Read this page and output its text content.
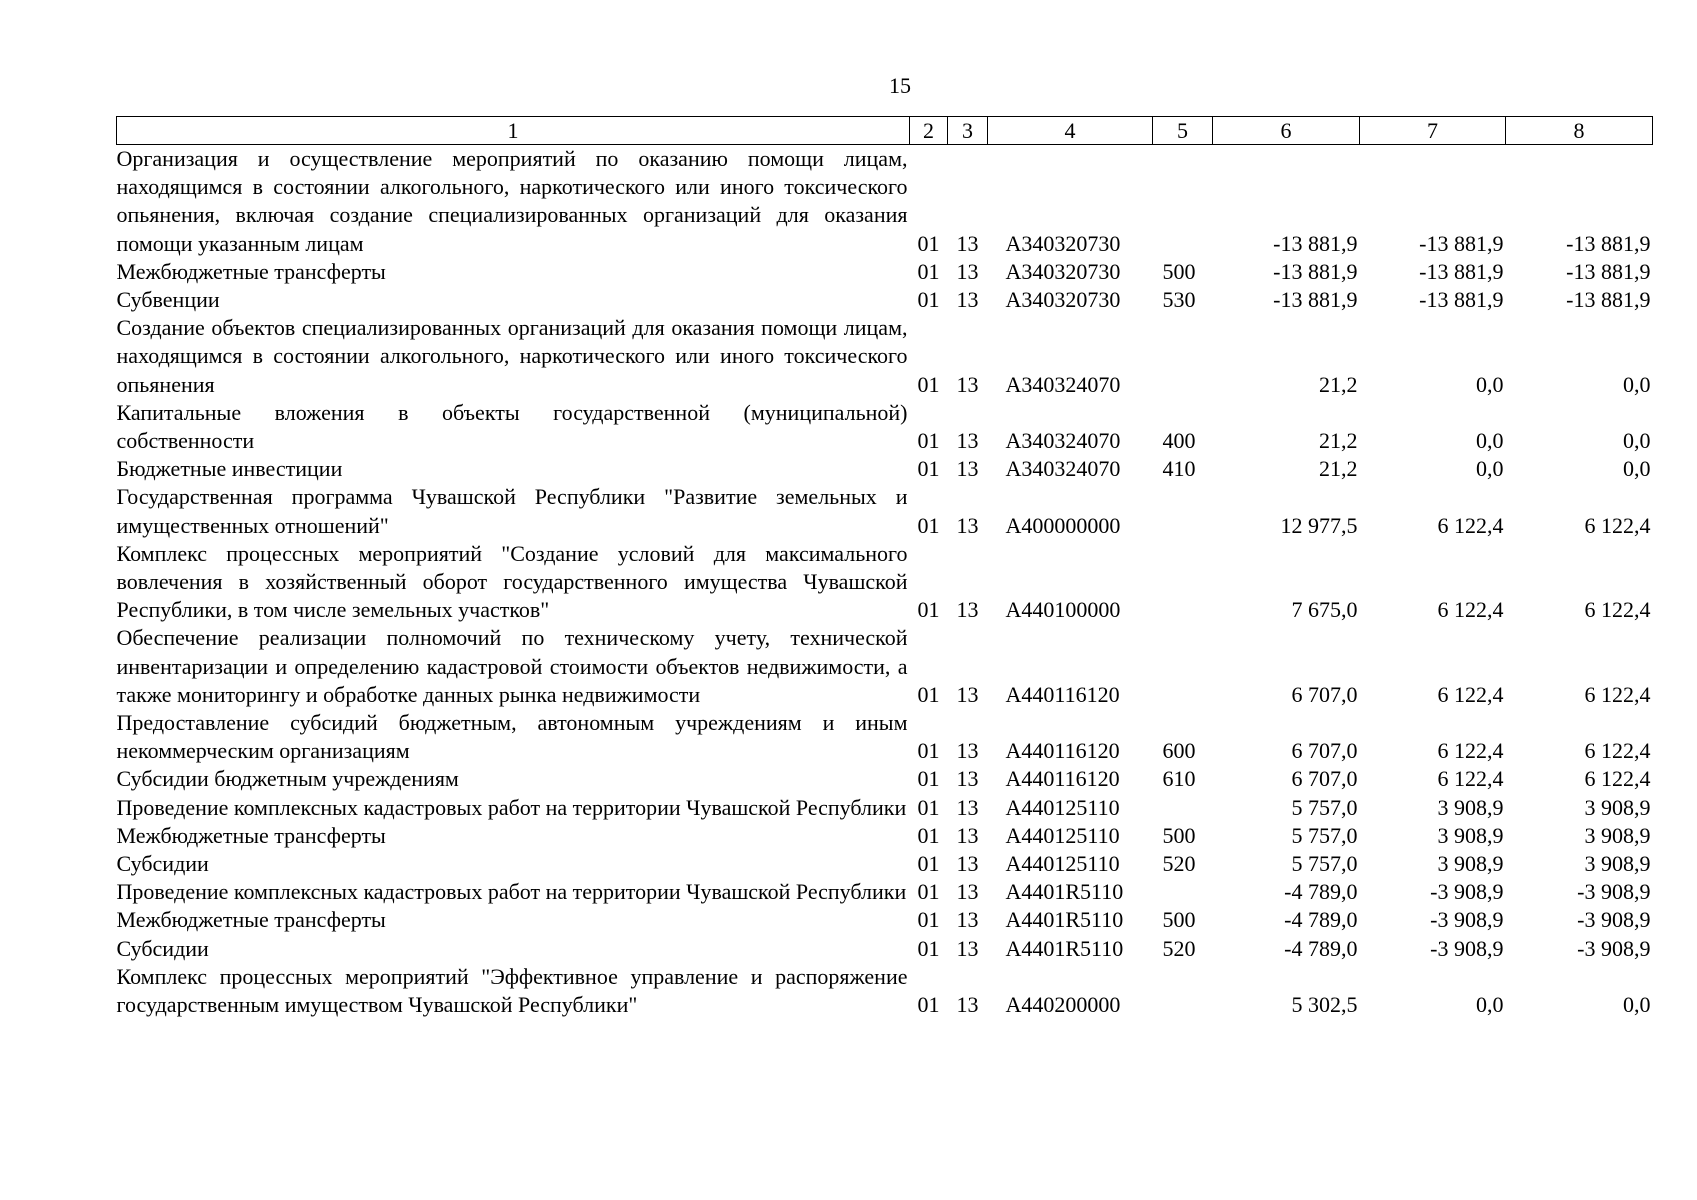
15
1	2	3	4	5	6	7	8
Организация и осуществление мероприятий по оказанию помощи лицам, находящимся в состоянии алкогольного, наркотического или иного токсического опьянения, включая создание специализированных организаций для оказания помощи указанным лицам	01	13	А340320730		-13 881,9	-13 881,9	-13 881,9
Межбюджетные трансферты	01	13	А340320730	500	-13 881,9	-13 881,9	-13 881,9
Субвенции	01	13	А340320730	530	-13 881,9	-13 881,9	-13 881,9
Создание объектов специализированных организаций для оказания помощи лицам, находящимся в состоянии алкогольного, наркотического или иного токсического опьянения	01	13	А340324070		21,2	0,0	0,0
Капитальные вложения в объекты государственной (муниципальной) собственности	01	13	А340324070	400	21,2	0,0	0,0
Бюджетные инвестиции	01	13	А340324070	410	21,2	0,0	0,0
Государственная программа Чувашской Республики "Развитие земельных и имущественных отношений"	01	13	А400000000		12 977,5	6 122,4	6 122,4
Комплекс процессных мероприятий "Создание условий для максимального вовлечения в хозяйственный оборот государственного имущества Чувашской Республики, в том числе земельных участков"	01	13	А440100000		7 675,0	6 122,4	6 122,4
Обеспечение реализации полномочий по техническому учету, технической инвентаризации и определению кадастровой стоимости объектов недвижимости, а также мониторингу и обработке данных рынка недвижимости	01	13	А440116120		6 707,0	6 122,4	6 122,4
Предоставление субсидий бюджетным, автономным учреждениям и иным некоммерческим организациям	01	13	А440116120	600	6 707,0	6 122,4	6 122,4
Субсидии бюджетным учреждениям	01	13	А440116120	610	6 707,0	6 122,4	6 122,4
Проведение комплексных кадастровых работ на территории Чувашской Республики	01	13	А440125110		5 757,0	3 908,9	3 908,9
Межбюджетные трансферты	01	13	А440125110	500	5 757,0	3 908,9	3 908,9
Субсидии	01	13	А440125110	520	5 757,0	3 908,9	3 908,9
Проведение комплексных кадастровых работ на территории Чувашской Республики	01	13	А4401R5110		-4 789,0	-3 908,9	-3 908,9
Межбюджетные трансферты	01	13	А4401R5110	500	-4 789,0	-3 908,9	-3 908,9
Субсидии	01	13	А4401R5110	520	-4 789,0	-3 908,9	-3 908,9
Комплекс процессных мероприятий "Эффективное управление и распоряжение государственным имуществом Чувашской Республики"	01	13	А440200000		5 302,5	0,0	0,0
